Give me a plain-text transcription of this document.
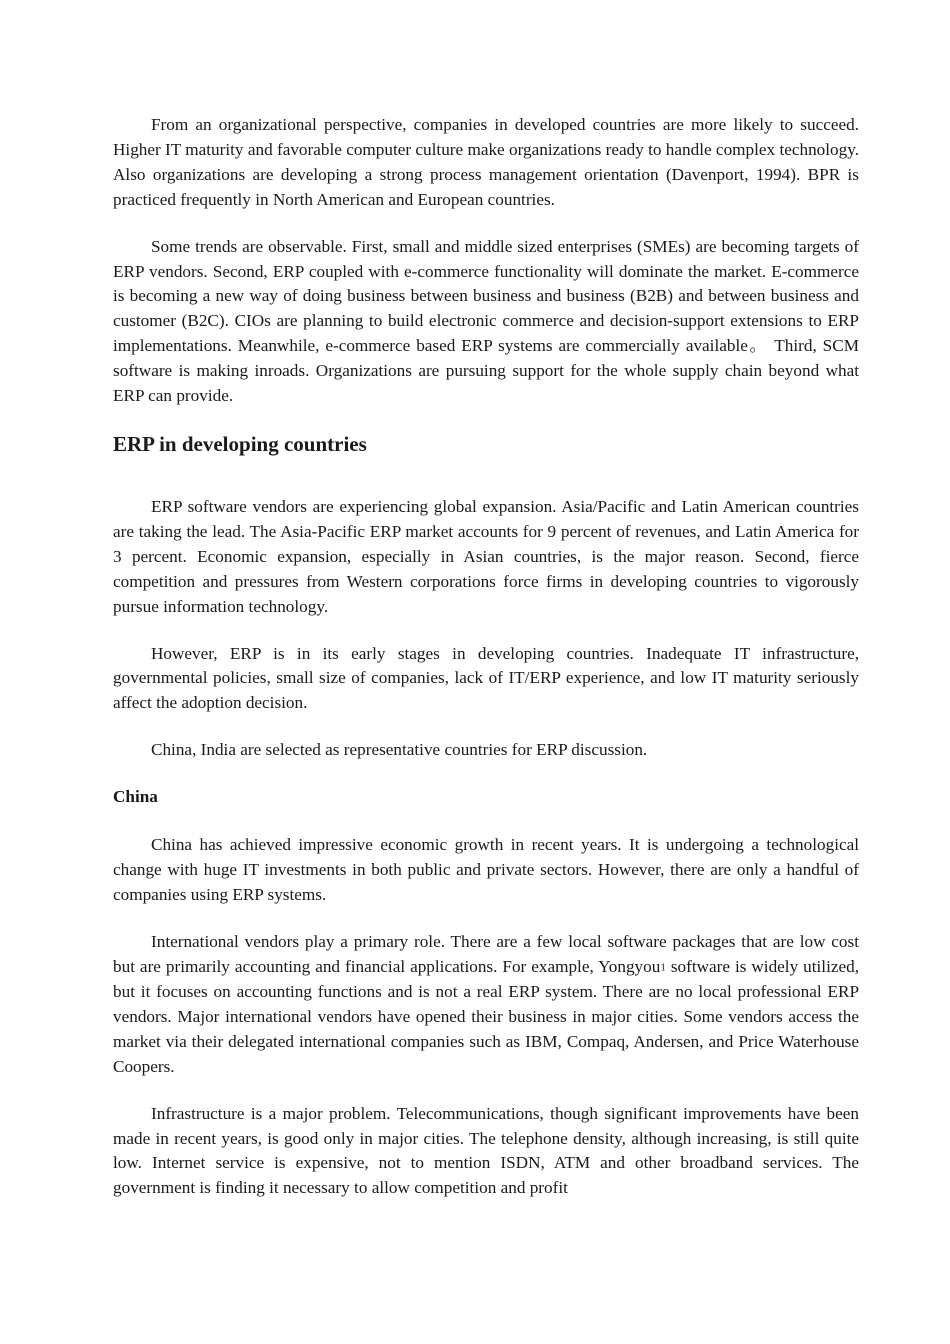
From an organizational perspective, companies in developed countries are more likely to succeed. Higher IT maturity and favorable computer culture make organizations ready to handle complex technology. Also organizations are developing a strong process management orientation (Davenport, 1994). BPR is practiced frequently in North American and European countries.

Some trends are observable. First, small and middle sized enterprises (SMEs) are becoming targets of ERP vendors. Second, ERP coupled with e-commerce functionality will dominate the market. E-commerce is becoming a new way of doing business between business and business (B2B) and between business and customer (B2C). CIOs are planning to build electronic commerce and decision-support extensions to ERP implementations. Meanwhile, e-commerce based ERP systems are commercially available。 Third, SCM software is making inroads. Organizations are pursuing support for the whole supply chain beyond what ERP can provide.

ERP in developing countries

ERP software vendors are experiencing global expansion. Asia/Pacific and Latin American countries are taking the lead. The Asia-Pacific ERP market accounts for 9 percent of revenues, and Latin America for 3 percent. Economic expansion, especially in Asian countries, is the major reason. Second, fierce competition and pressures from Western corporations force firms in developing countries to vigorously pursue information technology.

However, ERP is in its early stages in developing countries. Inadequate IT infrastructure, governmental policies, small size of companies, lack of IT/ERP experience, and low IT maturity seriously affect the adoption decision.

China, India are selected as representative countries for ERP discussion.

China

China has achieved impressive economic growth in recent years. It is undergoing a technological change with huge IT investments in both public and private sectors. However, there are only a handful of companies using ERP systems.

International vendors play a primary role. There are a few local software packages that are low cost but are primarily accounting and financial applications. For example, Yongyou1 software is widely utilized, but it focuses on accounting functions and is not a real ERP system. There are no local professional ERP vendors. Major international vendors have opened their business in major cities. Some vendors access the market via their delegated international companies such as IBM, Compaq, Andersen, and Price Waterhouse Coopers.

Infrastructure is a major problem. Telecommunications, though significant improvements have been made in recent years, is good only in major cities. The telephone density, although increasing, is still quite low. Internet service is expensive, not to mention ISDN, ATM and other broadband services. The government is finding it necessary to allow competition and profit
